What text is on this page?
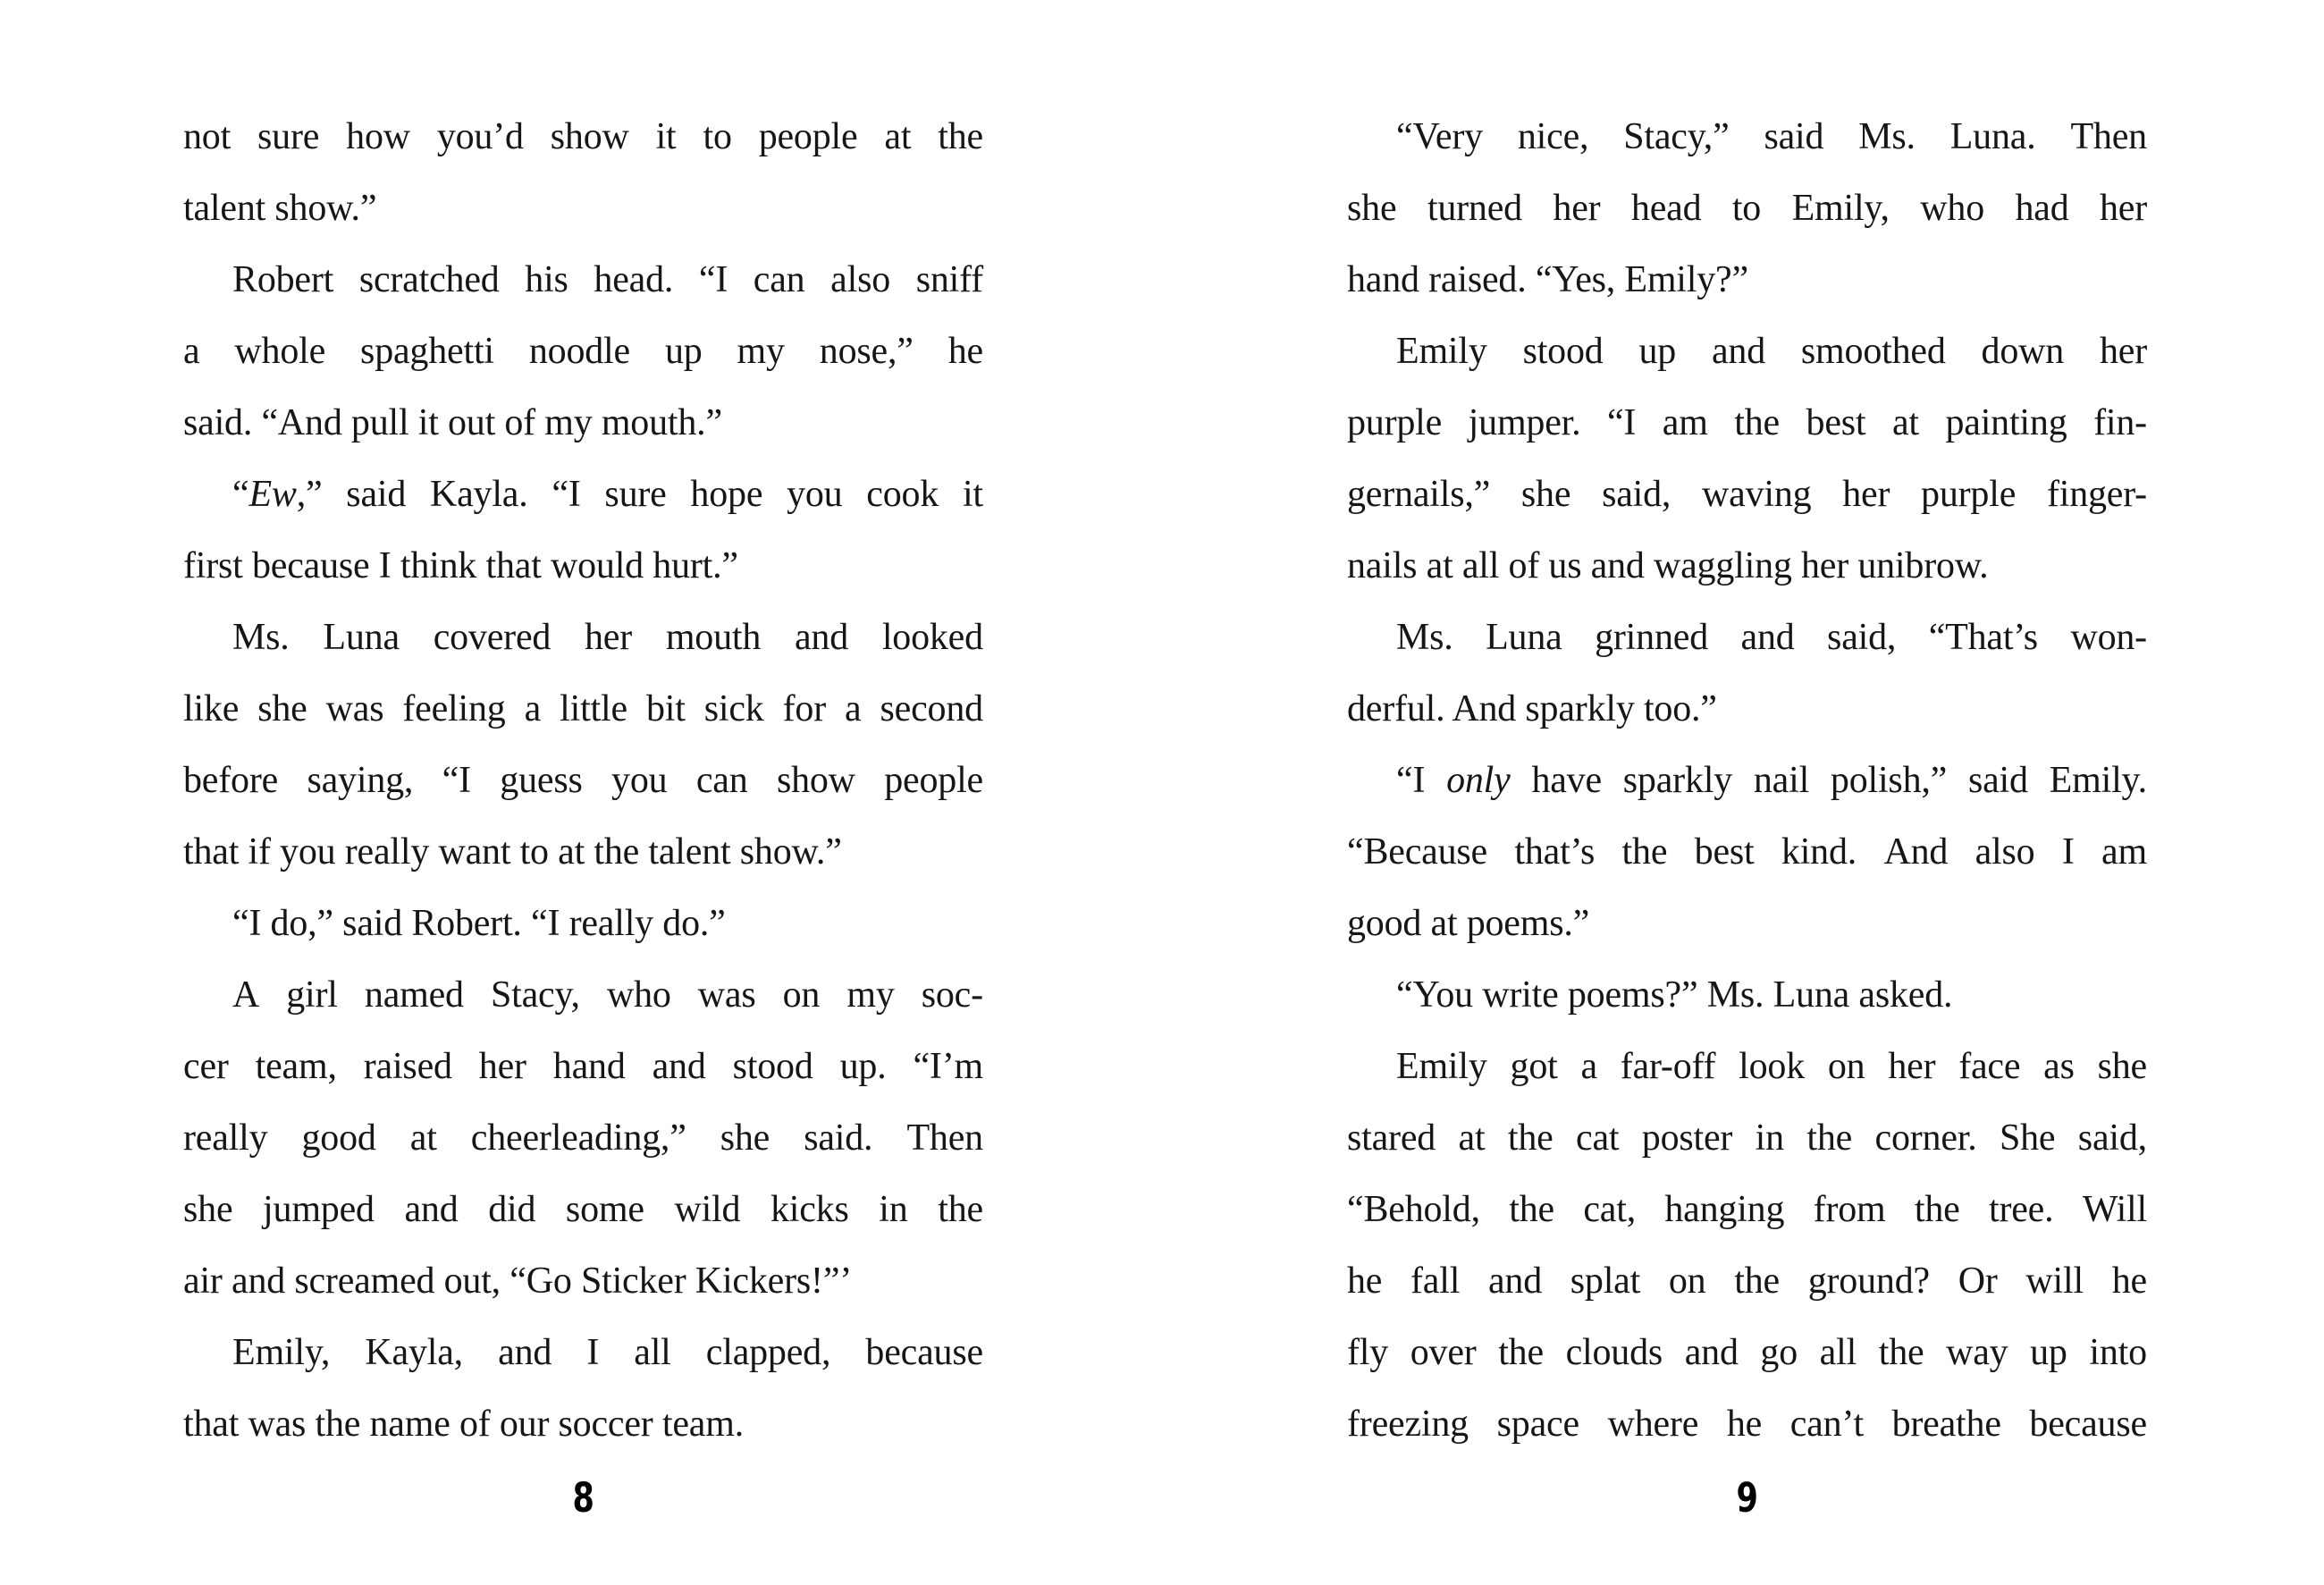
not sure how you’d show it to people at the
talent show.”
Robert scratched his head. “I can also sniff
a whole spaghetti noodle up my nose,” he
said. “And pull it out of my mouth.”
“Ew,” said Kayla. “I sure hope you cook it
first because I think that would hurt.”
Ms. Luna covered her mouth and looked
like she was feeling a little bit sick for a second
before saying, “I guess you can show people
that if you really want to at the talent show.”
“I do,” said Robert. “I really do.”
A girl named Stacy, who was on my soc-
cer team, raised her hand and stood up. “I’m
really good at cheerleading,” she said. Then
she jumped and did some wild kicks in the
air and screamed out, “Go Sticker Kickers!”’
Emily, Kayla, and I all clapped, because
that was the name of our soccer team.
“Very nice, Stacy,” said Ms. Luna. Then
she turned her head to Emily, who had her
hand raised. “Yes, Emily?”
Emily stood up and smoothed down her
purple jumper. “I am the best at painting fin-
gernails,” she said, waving her purple finger-
nails at all of us and waggling her unibrow.
Ms. Luna grinned and said, “That’s won-
derful. And sparkly too.”
“I only have sparkly nail polish,” said Emily.
“Because that’s the best kind. And also I am
good at poems.”
“You write poems?” Ms. Luna asked.
Emily got a far-off look on her face as she
stared at the cat poster in the corner. She said,
“Behold, the cat, hanging from the tree. Will
he fall and splat on the ground? Or will he
fly over the clouds and go all the way up into
freezing space where he can’t breathe because
8	9
